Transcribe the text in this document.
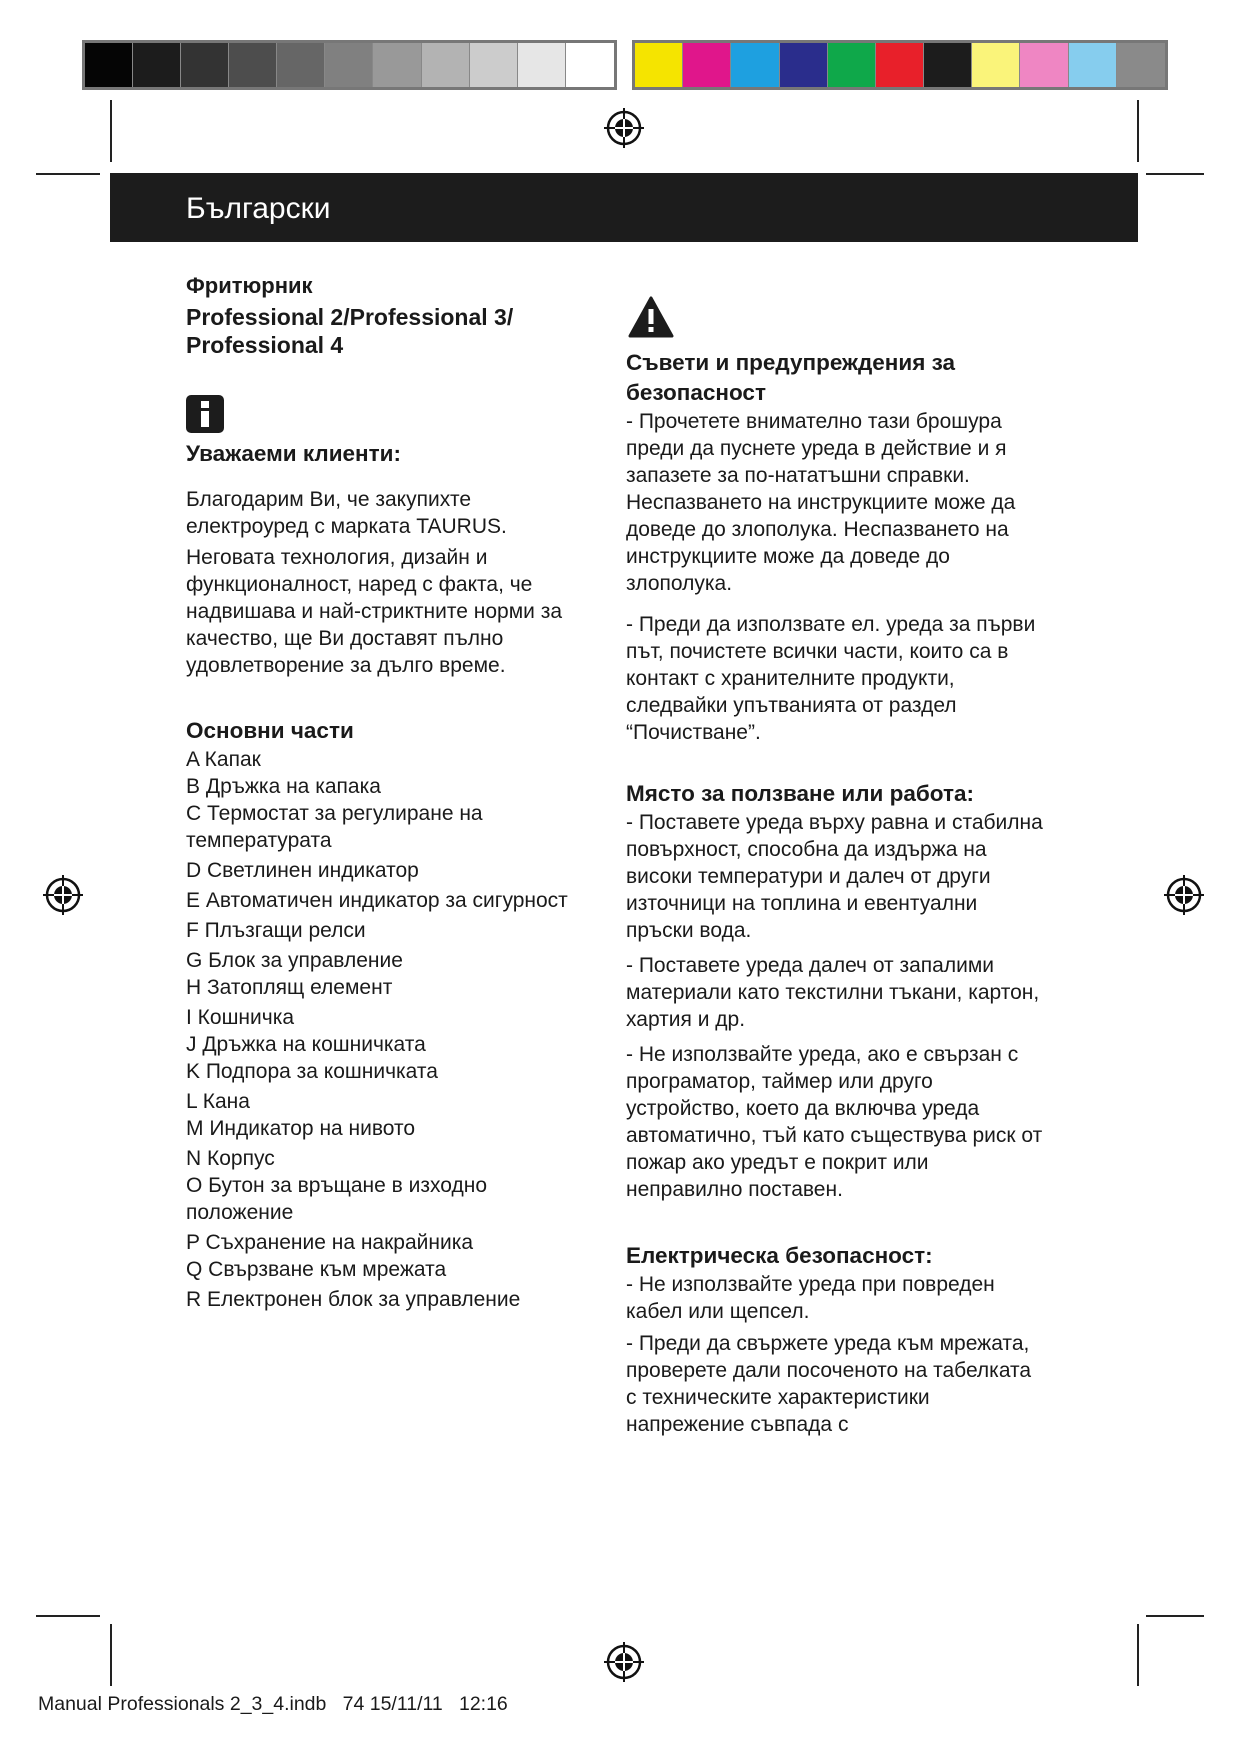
Български

Фритюрник

Professional 2/Professional 3/

Professional 4

Уважаеми клиенти:

Благодарим Ви, че закупихте електроуред с марката TAURUS.

Неговата технология, дизайн и функционалност, наред с факта, че надвишава и най-стриктните норми за качество, ще Ви доставят пълно удовлетворение за дълго време.

Основни части

A Капак

B Дръжка на капака

C Термостат за регулиране на температурата

D Светлинен индикатор

E Автоматичен индикатор за сигурност

F Плъзгащи релси

G Блок за управление

H Затоплящ елемент

I Кошничка

J Дръжка на кошничката

K Подпора за кошничката

L Кана

M Индикатор на нивото

N Корпус

O Бутон за връщане в изходно положение

P Съхранение на накрайника

Q Свързване към мрежата

R Електронен блок за управление

Съвети и предупреждения за безопасност

- Прочетете внимателно тази брошура преди да пуснете уреда в действие и я запазете за по-нататъшни справки. Неспазването на инструкциите може да доведе до злополука. Неспазването на инструкциите може да доведе до злополука.

- Преди да използвате ел. уреда за първи път, почистете всички части, които са в контакт с хранителните продукти, следвайки упътванията от раздел “Почистване”.

Място за ползване или работа:

- Поставете уреда върху равна и стабилна повърхност, способна да издържа на високи температури и далеч от други източници на топлина и евентуални пръски вода.

- Поставете уреда далеч от запалими материали като текстилни тъкани, картон, хартия и др.

- Не използвайте уреда, ако е свързан с програматор, таймер или друго устройство, което да включва уреда автоматично, тъй като съществува риск от пожар ако уредът е покрит или неправилно поставен.

Електрическа безопасност:

- Не използвайте уреда при повреден кабел или щепсел.

- Преди да свържете уреда към мрежата, проверете дали посоченото на табелката с техническите характеристики напрежение съвпада с

Manual Professionals 2_3_4.indb   74 15/11/11   12:16
